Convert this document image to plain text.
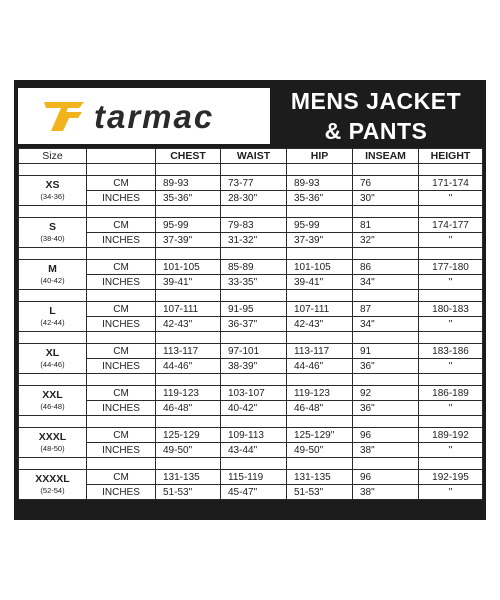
tarmac	MENS JACKET
& PANTS
Size		CHEST	WAIST	HIP	INSEAM	HEIGHT

XS
(34-36)	CM	89-93	73-77	89-93	76	171-174
	INCHES	35-36"	28-30"	35-36"	30"	"

S
(38-40)	CM	95-99	79-83	95-99	81	174-177
	INCHES	37-39"	31-32"	37-39"	32"	"

M
(40-42)	CM	101-105	85-89	101-105	86	177-180
	INCHES	39-41"	33-35"	39-41"	34"	"

L
(42-44)	CM	107-111	91-95	107-111	87	180-183
	INCHES	42-43"	36-37"	42-43"	34"	"

XL
(44-46)	CM	113-117	97-101	113-117	91	183-186
	INCHES	44-46"	38-39"	44-46"	36"	"

XXL
(46-48)	CM	119-123	103-107	119-123	92	186-189
	INCHES	46-48"	40-42"	46-48"	36"	"

XXXL
(48-50)	CM	125-129	109-113	125-129"	96	189-192
	INCHES	49-50"	43-44"	49-50"	38"	"

XXXXL
(52-54)	CM	131-135	115-119	131-135	96	192-195
	INCHES	51-53"	45-47"	51-53"	38"	"
